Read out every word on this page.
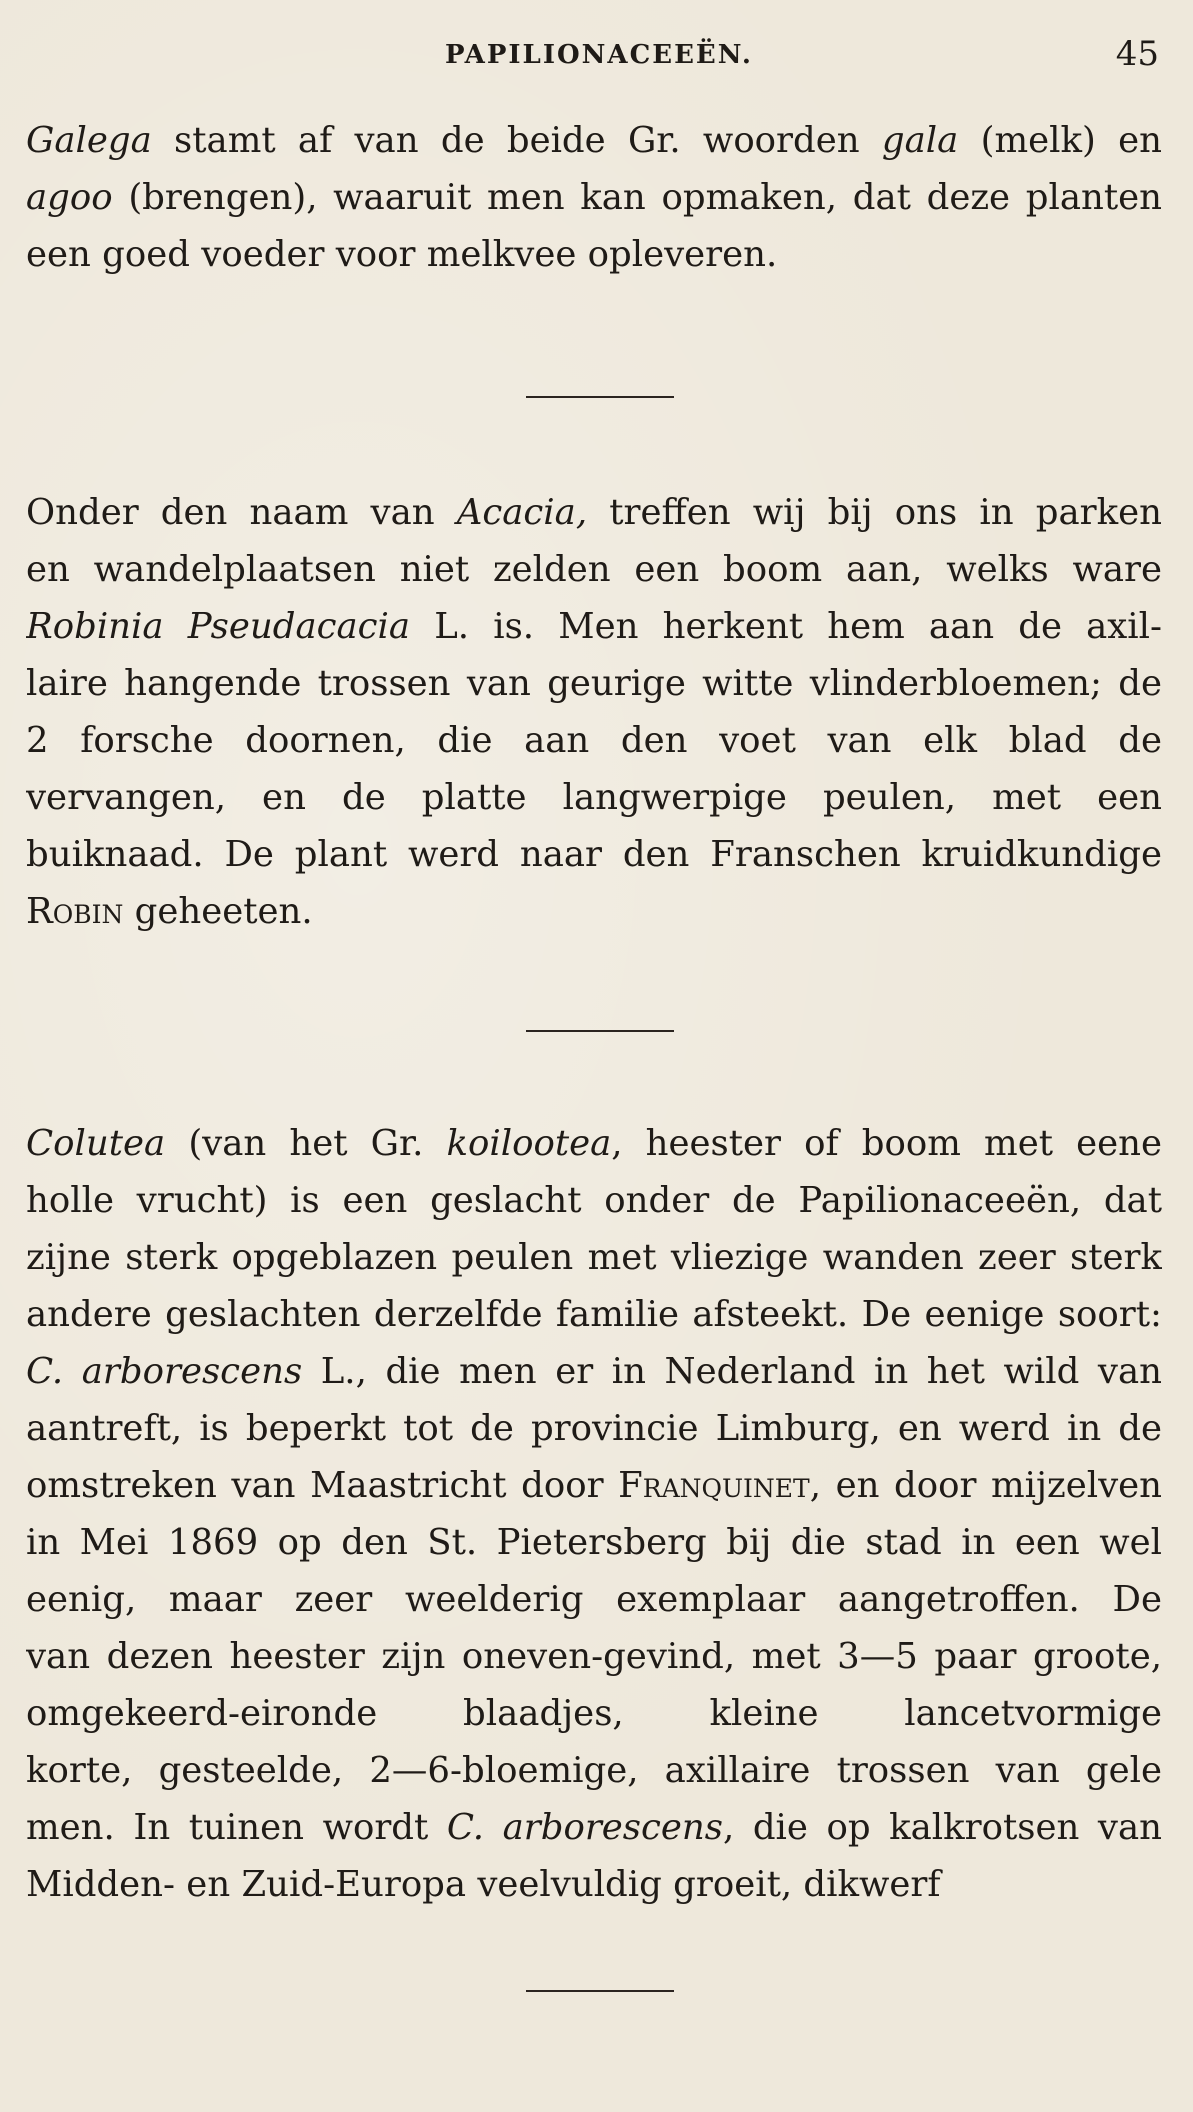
PAPILIONACEEËN.	45
Galega stamt af van de beide Gr. woorden gala (melk) en
agoo (brengen), waaruit men kan opmaken, dat deze planten
een goed voeder voor melkvee opleveren.
Onder den naam van Acacia, treffen wij bij ons in parken
en wandelplaatsen niet zelden een boom aan, welks ware
Robinia Pseudacacia L. is. Men herkent hem aan de axil-
laire hangende trossen van geurige witte vlinderbloemen; de
2 forsche doornen, die aan den voet van elk blad de
vervangen, en de platte langwerpige peulen, met een
buiknaad. De plant werd naar den Franschen kruidkundige
Robin geheeten.
Colutea (van het Gr. koilootea, heester of boom met eene
holle vrucht) is een geslacht onder de Papilionaceeën, dat
zijne sterk opgeblazen peulen met vliezige wanden zeer sterk
andere geslachten derzelfde familie afsteekt. De eenige soort:
C. arborescens L., die men er in Nederland in het wild van
aantreft, is beperkt tot de provincie Limburg, en werd in de
omstreken van Maastricht door Franquinet, en door mijzelven
in Mei 1869 op den St. Pietersberg bij die stad in een wel
eenig, maar zeer weelderig exemplaar aangetroffen. De
van dezen heester zijn oneven-gevind, met 3—5 paar groote,
omgekeerd-eironde blaadjes, kleine lancetvormige
korte, gesteelde, 2—6-bloemige, axillaire trossen van gele
men. In tuinen wordt C. arborescens, die op kalkrotsen van
Midden- en Zuid-Europa veelvuldig groeit, dikwerf
